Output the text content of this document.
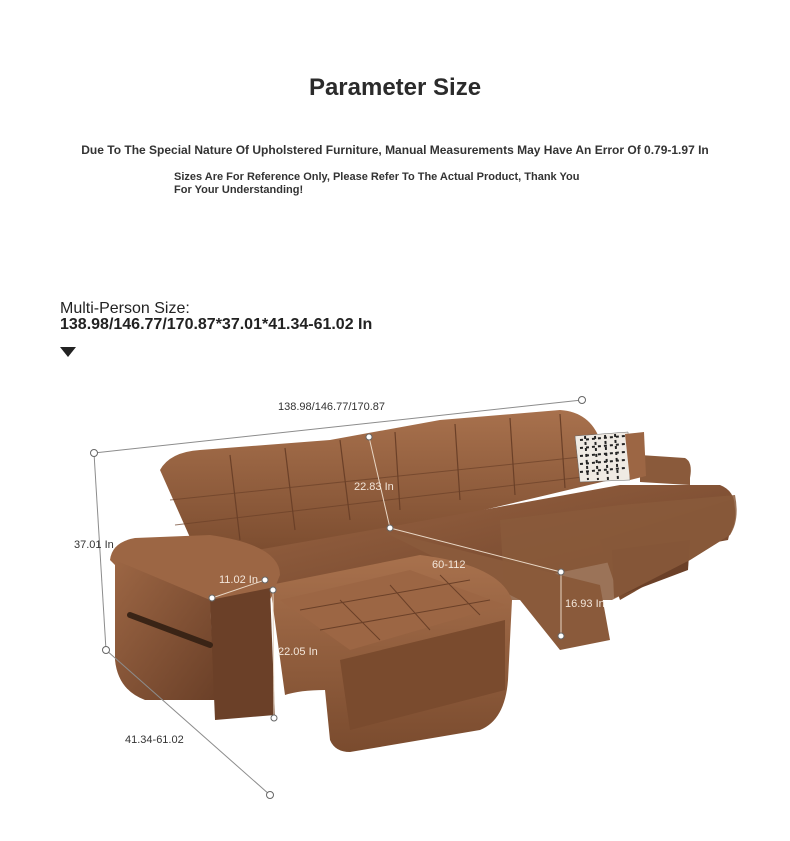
Parameter Size
Due To The Special Nature Of Upholstered Furniture, Manual Measurements May Have An Error Of 0.79-1.97 In
Sizes Are For Reference Only, Please Refer To The Actual Product, Thank You For Your Understanding!
Multi-Person Size:
138.98/146.77/170.87*37.01*41.34-61.02 In
138.98/146.77/170.87
37.01 In
41.34-61.02
22.83 In
11.02 In
60-112
16.93 In
22.05 In
